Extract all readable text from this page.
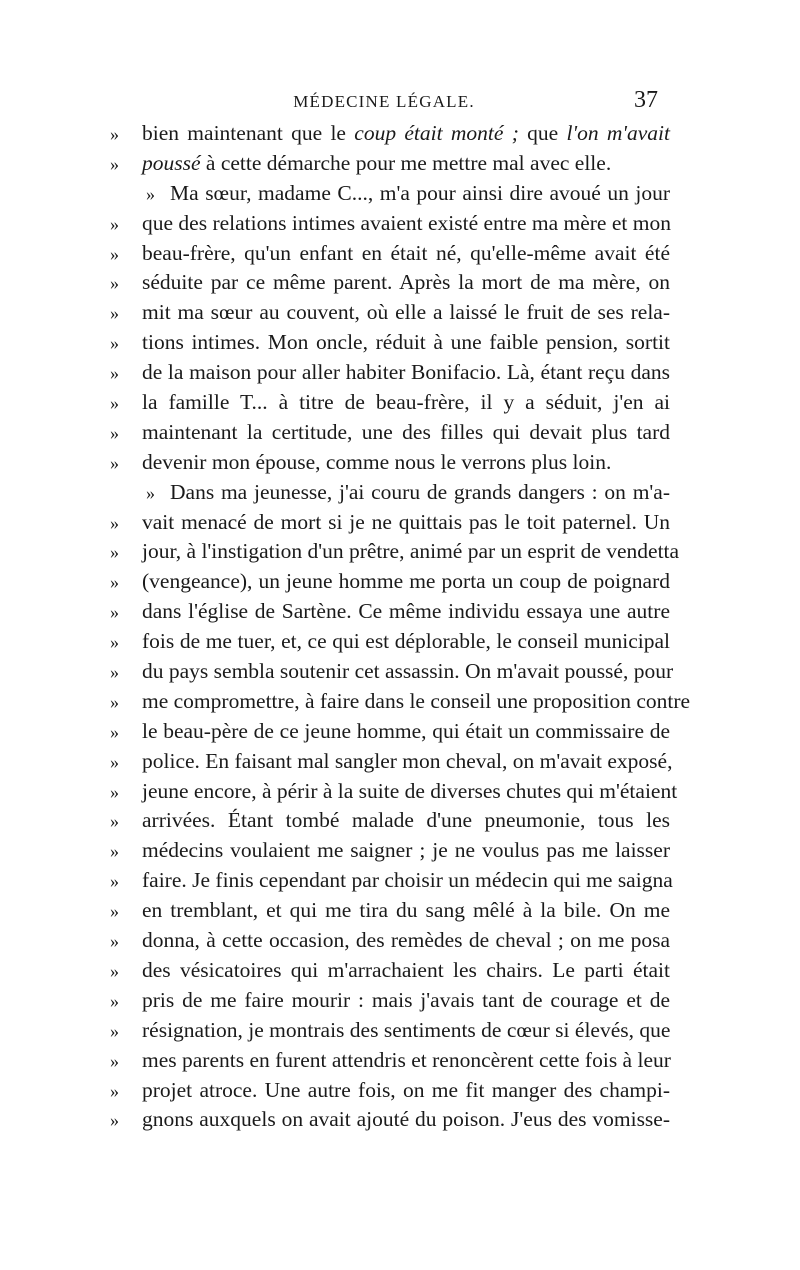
MÉDECINE LÉGALE.	37
»	bien maintenant que le coup était monté ; que l'on m'avait
»	poussé à cette démarche pour me mettre mal avec elle.
» Ma sœur, madame C..., m'a pour ainsi dire avoué un jour
»	que des relations intimes avaient existé entre ma mère et mon
»	beau-frère, qu'un enfant en était né, qu'elle-même avait été
»	séduite par ce même parent. Après la mort de ma mère, on
»	mit ma sœur au couvent, où elle a laissé le fruit de ses rela-
»	tions intimes. Mon oncle, réduit à une faible pension, sortit
»	de la maison pour aller habiter Bonifacio. Là, étant reçu dans
»	la famille T... à titre de beau-frère, il y a séduit, j'en ai
»	maintenant la certitude, une des filles qui devait plus tard
»	devenir mon épouse, comme nous le verrons plus loin.
» Dans ma jeunesse, j'ai couru de grands dangers : on m'a-
»	vait menacé de mort si je ne quittais pas le toit paternel. Un
»	jour, à l'instigation d'un prêtre, animé par un esprit de vendetta
»	(vengeance), un jeune homme me porta un coup de poignard
»	dans l'église de Sartène. Ce même individu essaya une autre
»	fois de me tuer, et, ce qui est déplorable, le conseil municipal
»	du pays sembla soutenir cet assassin. On m'avait poussé, pour
»	me compromettre, à faire dans le conseil une proposition contre
»	le beau-père de ce jeune homme, qui était un commissaire de
»	police. En faisant mal sangler mon cheval, on m'avait exposé,
»	jeune encore, à périr à la suite de diverses chutes qui m'étaient
»	arrivées. Étant tombé malade d'une pneumonie, tous les
»	médecins voulaient me saigner ; je ne voulus pas me laisser
»	faire. Je finis cependant par choisir un médecin qui me saigna
»	en tremblant, et qui me tira du sang mêlé à la bile. On me
»	donna, à cette occasion, des remèdes de cheval ; on me posa
»	des vésicatoires qui m'arrachaient les chairs. Le parti était
»	pris de me faire mourir : mais j'avais tant de courage et de
»	résignation, je montrais des sentiments de cœur si élevés, que
»	mes parents en furent attendris et renoncèrent cette fois à leur
»	projet atroce. Une autre fois, on me fit manger des champi-
»	gnons auxquels on avait ajouté du poison. J'eus des vomisse-
